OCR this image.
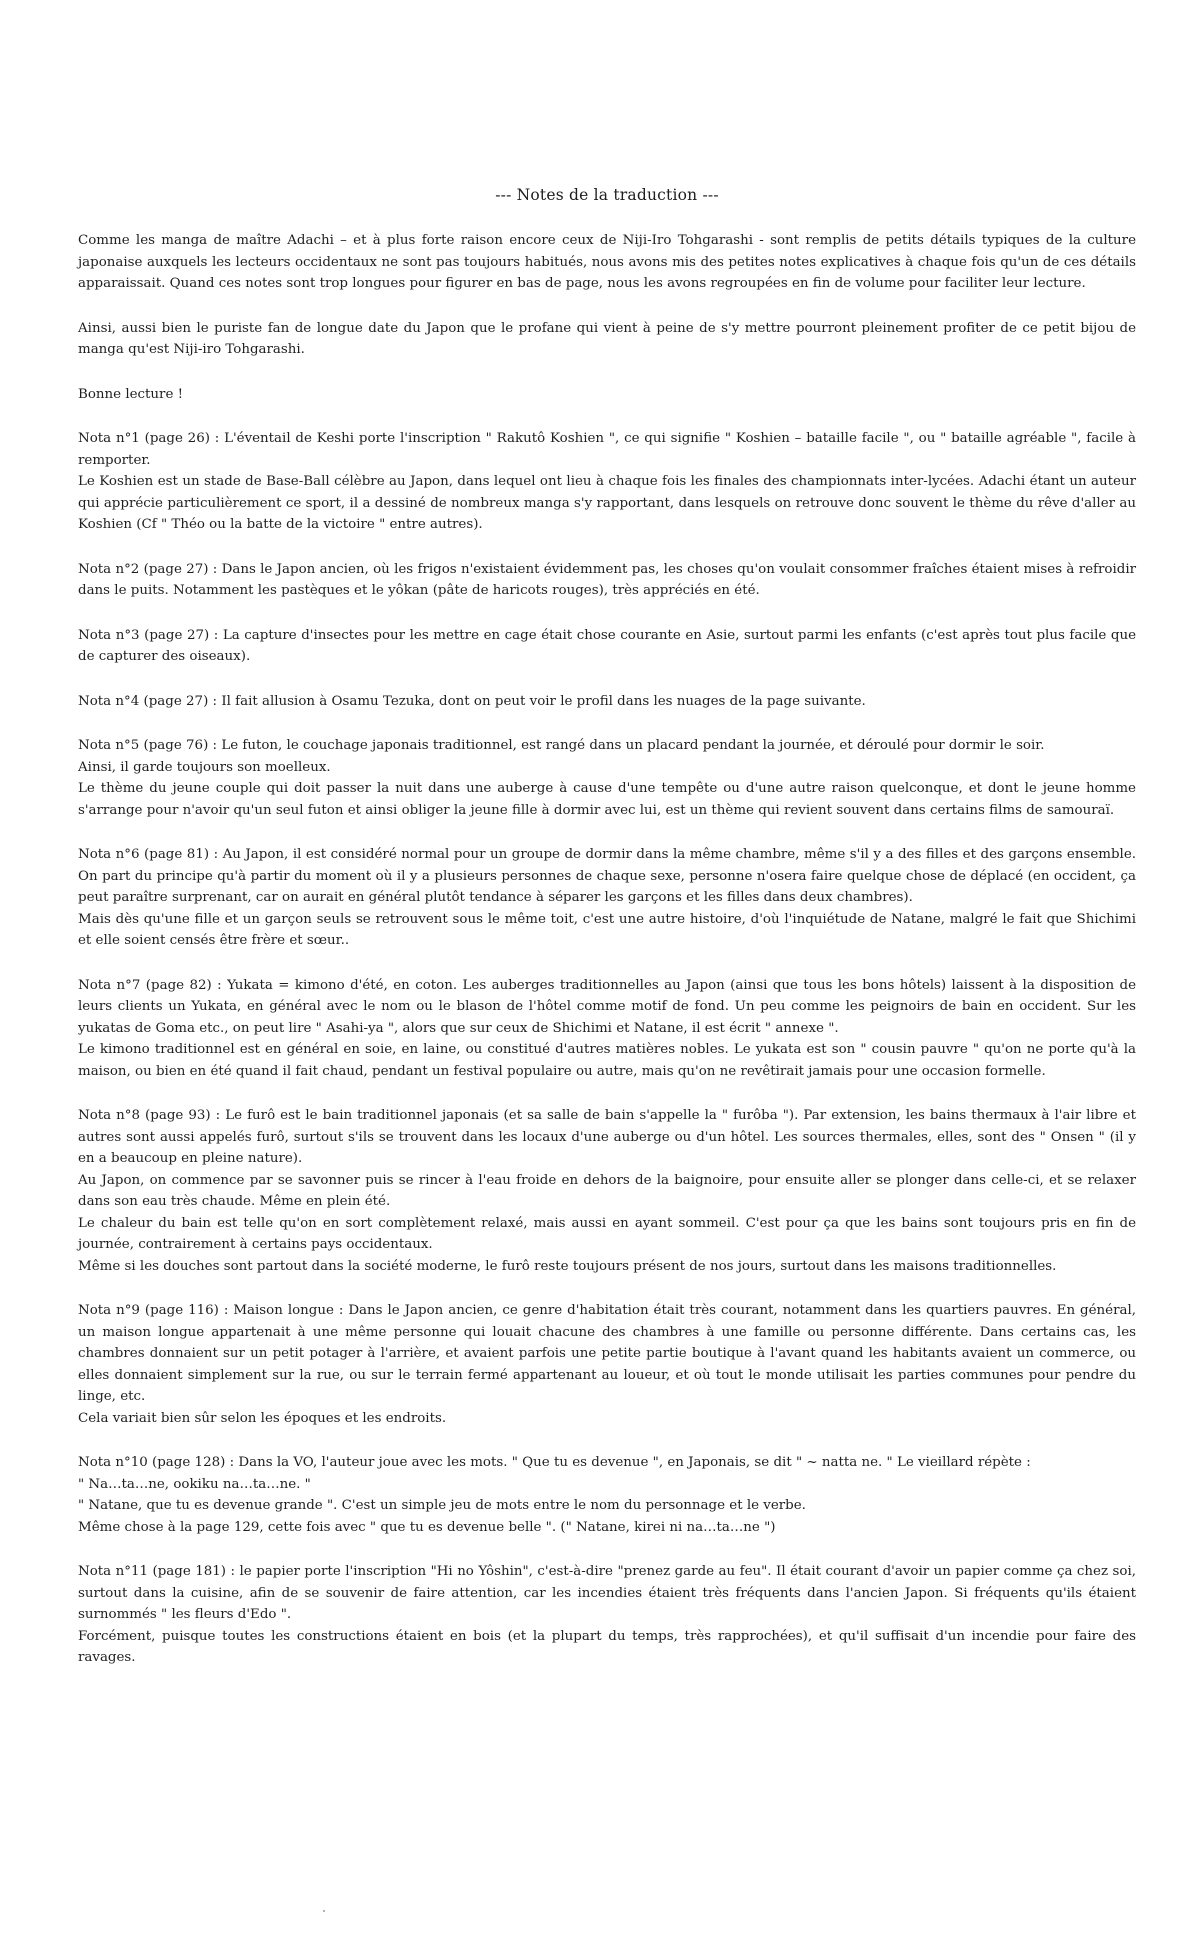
--- Notes de la traduction ---

Comme les manga de maître Adachi – et à plus forte raison encore ceux de Niji-Iro Tohgarashi - sont remplis de petits détails typiques de la culture japonaise auxquels les lecteurs occidentaux ne sont pas toujours habitués, nous avons mis des petites notes explicatives à chaque fois qu'un de ces détails apparaissait. Quand ces notes sont trop longues pour figurer en bas de page, nous les avons regroupées en fin de volume pour faciliter leur lecture.

Ainsi, aussi bien le puriste fan de longue date du Japon que le profane qui vient à peine de s'y mettre pourront pleinement profiter de ce petit bijou de manga qu'est Niji-iro Tohgarashi.

Bonne lecture !

Nota n°1 (page 26) : L'éventail de Keshi porte l'inscription " Rakutô Koshien ", ce qui signifie " Koshien – bataille facile ", ou " bataille agréable ", facile à remporter.

Le Koshien est un stade de Base-Ball célèbre au Japon, dans lequel ont lieu à chaque fois les finales des championnats inter-lycées. Adachi étant un auteur qui apprécie particulièrement ce sport, il a dessiné de nombreux manga s'y rapportant, dans lesquels on retrouve donc souvent le thème du rêve d'aller au Koshien (Cf " Théo ou la batte de la victoire " entre autres).

Nota n°2 (page 27) : Dans le Japon ancien, où les frigos n'existaient évidemment pas, les choses qu'on voulait consommer fraîches étaient mises à refroidir dans le puits. Notamment les pastèques et le yôkan (pâte de haricots rouges), très appréciés en été.

Nota n°3 (page 27) : La capture d'insectes pour les mettre en cage était chose courante en Asie, surtout parmi les enfants (c'est après tout plus facile que de capturer des oiseaux).

Nota n°4 (page 27) : Il fait allusion à Osamu Tezuka, dont on peut voir le profil dans les nuages de la page suivante.

Nota n°5 (page 76) : Le futon, le couchage japonais traditionnel, est rangé dans un placard pendant la journée, et déroulé pour dormir le soir.

Ainsi, il garde toujours son moelleux.

Le thème du jeune couple qui doit passer la nuit dans une auberge à cause d'une tempête ou d'une autre raison quelconque, et dont le jeune homme s'arrange pour n'avoir qu'un seul futon et ainsi obliger la jeune fille à dormir avec lui, est un thème qui revient souvent dans certains films de samouraï.

Nota n°6 (page 81) : Au Japon, il est considéré normal pour un groupe de dormir dans la même chambre, même s'il y a des filles et des garçons ensemble. On part du principe qu'à partir du moment où il y a plusieurs personnes de chaque sexe, personne n'osera faire quelque chose de déplacé (en occident, ça peut paraître surprenant, car on aurait en général plutôt tendance à séparer les garçons et les filles dans deux chambres).

Mais dès qu'une fille et un garçon seuls se retrouvent sous le même toit, c'est une autre histoire, d'où l'inquiétude de Natane, malgré le fait que Shichimi et elle soient censés être frère et sœur..

Nota n°7 (page 82) : Yukata = kimono d'été, en coton. Les auberges traditionnelles au Japon (ainsi que tous les bons hôtels) laissent à la disposition de leurs clients un Yukata, en général avec le nom ou le blason de l'hôtel comme motif de fond. Un peu comme les peignoirs de bain en occident. Sur les yukatas de Goma etc., on peut lire " Asahi-ya ", alors que sur ceux de Shichimi et Natane, il est écrit " annexe ".

Le kimono traditionnel est en général en soie, en laine, ou constitué d'autres matières nobles. Le yukata est son " cousin pauvre " qu'on ne porte qu'à la maison, ou bien en été quand il fait chaud, pendant un festival populaire ou autre, mais qu'on ne revêtirait jamais pour une occasion formelle.

Nota n°8 (page 93) : Le furô est le bain traditionnel japonais (et sa salle de bain s'appelle la " furôba "). Par extension, les bains thermaux à l'air libre et autres sont aussi appelés furô, surtout s'ils se trouvent dans les locaux d'une auberge ou d'un hôtel. Les sources thermales, elles, sont des " Onsen " (il y en a beaucoup en pleine nature).

Au Japon, on commence par se savonner puis se rincer à l'eau froide en dehors de la baignoire, pour ensuite aller se plonger dans celle-ci, et se relaxer dans son eau très chaude. Même en plein été.

Le chaleur du bain est telle qu'on en sort complètement relaxé, mais aussi en ayant sommeil. C'est pour ça que les bains sont toujours pris en fin de journée, contrairement à certains pays occidentaux.

Même si les douches sont partout dans la société moderne, le furô reste toujours présent de nos jours, surtout dans les maisons traditionnelles.

Nota n°9 (page 116) : Maison longue : Dans le Japon ancien, ce genre d'habitation était très courant, notamment dans les quartiers pauvres. En général, un maison longue appartenait à une même personne qui louait chacune des chambres à une famille ou personne différente. Dans certains cas, les chambres donnaient sur un petit potager à l'arrière, et avaient parfois une petite partie boutique à l'avant quand les habitants avaient un commerce, ou elles donnaient simplement sur la rue, ou sur le terrain fermé appartenant au loueur, et où tout le monde utilisait les parties communes pour pendre du linge, etc.

Cela variait bien sûr selon les époques et les endroits.

Nota n°10 (page 128) : Dans la VO, l'auteur joue avec les mots. " Que tu es devenue ", en Japonais, se dit " ~ natta ne. " Le vieillard répète :

" Na…ta…ne, ookiku na…ta…ne. "

" Natane, que tu es devenue grande ". C'est un simple jeu de mots entre le nom du personnage et le verbe.

Même chose à la page 129, cette fois avec " que tu es devenue belle ". (" Natane, kirei ni na…ta…ne ")

Nota n°11 (page 181) : le papier porte l'inscription "Hi no Yôshin", c'est-à-dire "prenez garde au feu". Il était courant d'avoir un papier comme ça chez soi, surtout dans la cuisine, afin de se souvenir de faire attention, car les incendies étaient très fréquents dans l'ancien Japon. Si fréquents qu'ils étaient surnommés " les fleurs d'Edo ".

Forcément, puisque toutes les constructions étaient en bois (et la plupart du temps, très rapprochées), et qu'il suffisait d'un incendie pour faire des ravages.
